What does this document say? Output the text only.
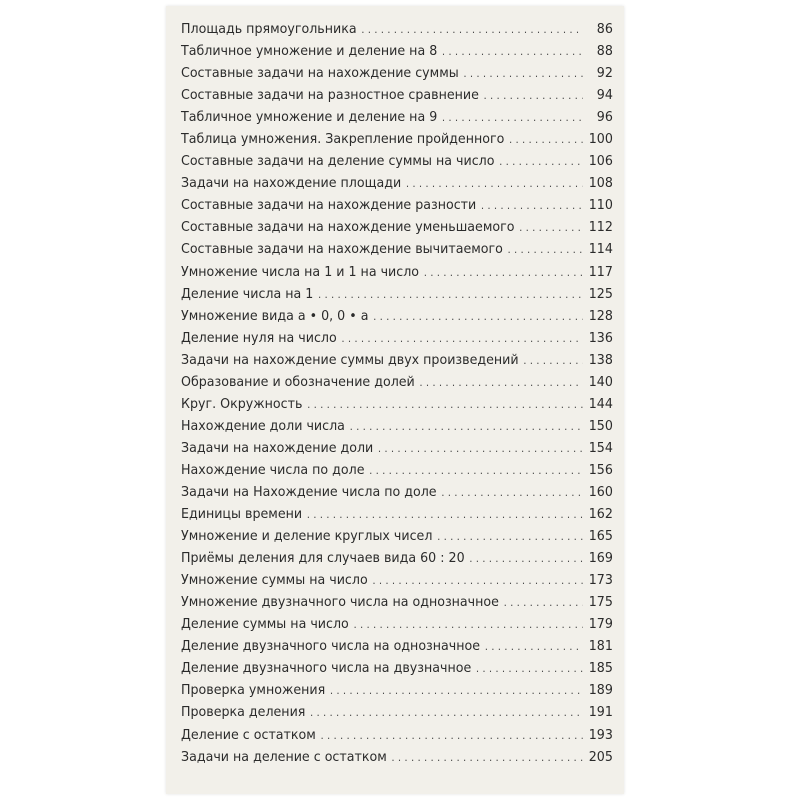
Площадь прямоугольника . . .	86
Табличное умножение и деление на 8 . . .	88
Составные задачи на нахождение суммы . . .	92
Составные задачи на разностное сравнение . . .	94
Табличное умножение и деление на 9 . . .	96
Таблица умножения. Закрепление пройденного . . .	100
Составные задачи на деление суммы на число . . .	106
Задачи на нахождение площади . . .	108
Составные задачи на нахождение разности . . .	110
Составные задачи на нахождение уменьшаемого . . .	112
Составные задачи на нахождение вычитаемого . . .	114
Умножение числа на 1 и 1 на число . . .	117
Деление числа на 1 . . .	125
Умножение вида а • 0, 0 • а . . .	128
Деление нуля на число . . .	136
Задачи на нахождение суммы двух произведений . . .	138
Образование и обозначение долей . . .	140
Круг. Окружность . . .	144
Нахождение доли числа . . .	150
Задачи на нахождение доли . . .	154
Нахождение числа по доле . . .	156
Задачи на Нахождение числа по доле . . .	160
Единицы времени . . .	162
Умножение и деление круглых чисел . . .	165
Приёмы деления для случаев вида 60 : 20 . . .	169
Умножение суммы на число . . .	173
Умножение двузначного числа на однозначное . . .	175
Деление суммы на число . . .	179
Деление двузначного числа на однозначное . . .	181
Деление двузначного числа на двузначное . . .	185
Проверка умножения . . .	189
Проверка деления . . .	191
Деление с остатком . . .	193
Задачи на деление с остатком . . .	205
